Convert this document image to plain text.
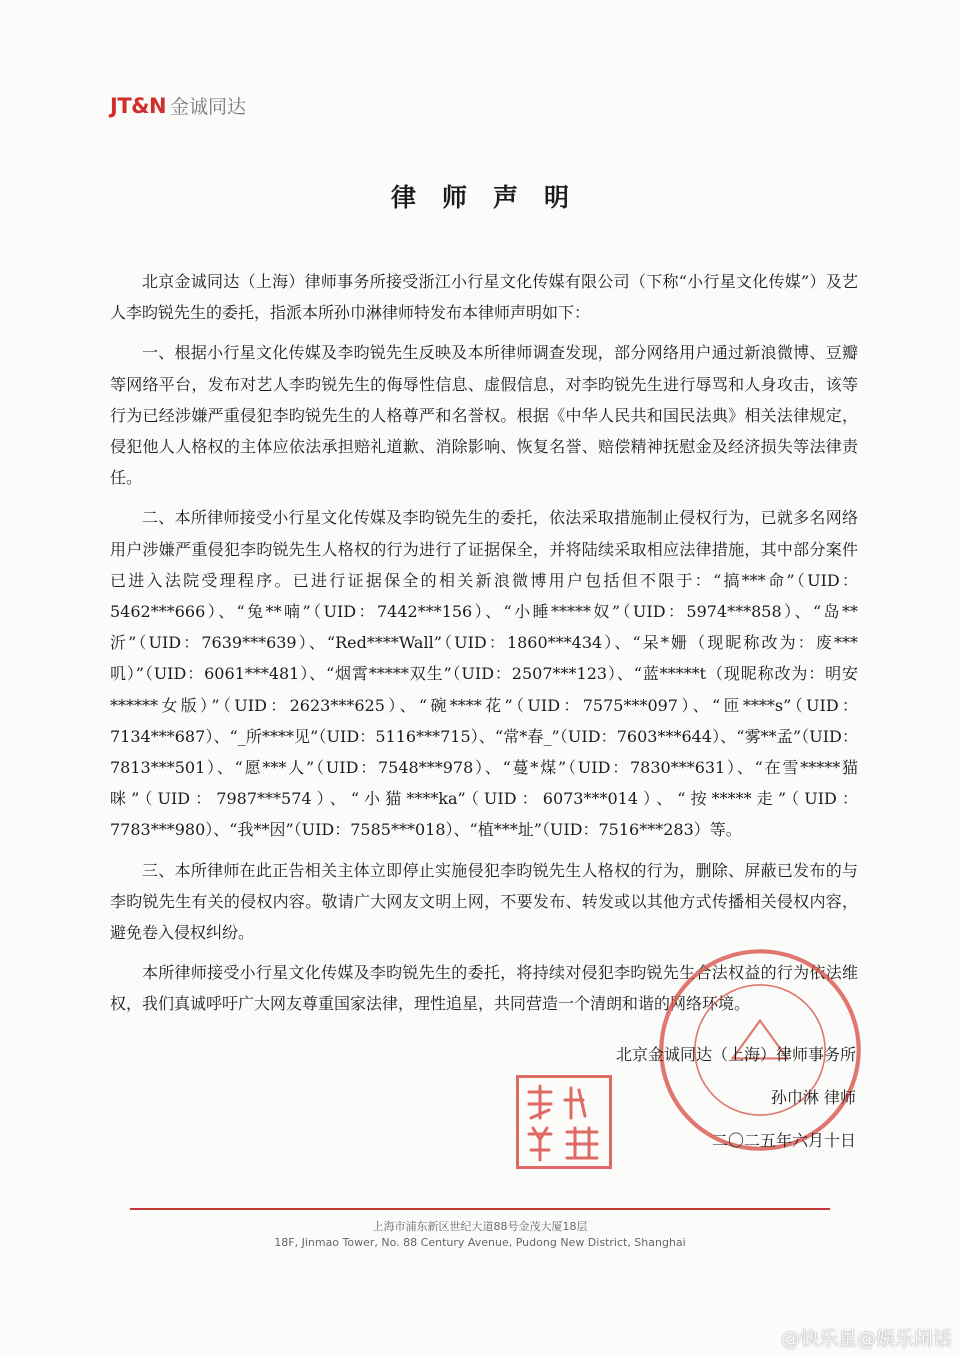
JT&N 金诚同达
律师声明

北京金诚同达（上海）律师事务所接受浙江小行星文化传媒有限公司（下称“小行星文化传媒”）及艺人李昀锐先生的委托，指派本所孙巾淋律师特发布本律师声明如下：

一、根据小行星文化传媒及李昀锐先生反映及本所律师调查发现，部分网络用户通过新浪微博、豆瓣等网络平台，发布对艺人李昀锐先生的侮辱性信息、虚假信息，对李昀锐先生进行辱骂和人身攻击，该等行为已经涉嫌严重侵犯李昀锐先生的人格尊严和名誉权。根据《中华人民共和国民法典》相关法律规定，侵犯他人人格权的主体应依法承担赔礼道歉、消除影响、恢复名誉、赔偿精神抚慰金及经济损失等法律责任。

二、本所律师接受小行星文化传媒及李昀锐先生的委托，依法采取措施制止侵权行为，已就多名网络用户涉嫌严重侵犯李昀锐先生人格权的行为进行了证据保全，并将陆续采取相应法律措施，其中部分案件已进入法院受理程序。已进行证据保全的相关新浪微博用户包括但不限于：“搞***命”（UID：5462***666）、“兔**喃”（UID：7442***156）、“小睡*****奴”（UID：5974***858）、“岛**沂”（UID：7639***639）、“Red****Wall”（UID：1860***434）、“呆*姗（现昵称改为：废***叽）”（UID：6061***481）、“烟霄*****双生”（UID：2507***123）、“蓝*****t（现昵称改为：明安******女版）”（UID：2623***625）、“碗****花”（UID：7575***097）、“匝****s”（UID：7134***687）、“_所****见”（UID：5116***715）、“常*春_”（UID：7603***644）、“雾**孟”（UID：7813***501）、“愿***人”（UID：7548***978）、“蔓*煤”（UID：7830***631）、“在雪*****猫咪”（UID：7987***574）、“小猫****ka”（UID：6073***014）、“按*****走”（UID：7783***980）、“我**因”（UID：7585***018）、“植***址”（UID：7516***283）等。

三、本所律师在此正告相关主体立即停止实施侵犯李昀锐先生人格权的行为，删除、屏蔽已发布的与李昀锐先生有关的侵权内容。敬请广大网友文明上网，不要发布、转发或以其他方式传播相关侵权内容，避免卷入侵权纠纷。

本所律师接受小行星文化传媒及李昀锐先生的委托，将持续对侵犯李昀锐先生合法权益的行为依法维权，我们真诚呼吁广大网友尊重国家法律，理性追星，共同营造一个清朗和谐的网络环境。

北京金诚同达（上海）律师事务所
孙巾淋 律师
二〇二五年六月十日
上海市浦东新区世纪大道88号金茂大厦18层
18F, Jinmao Tower, No. 88 Century Avenue, Pudong New District, Shanghai
@快乐星@娱乐闲话
